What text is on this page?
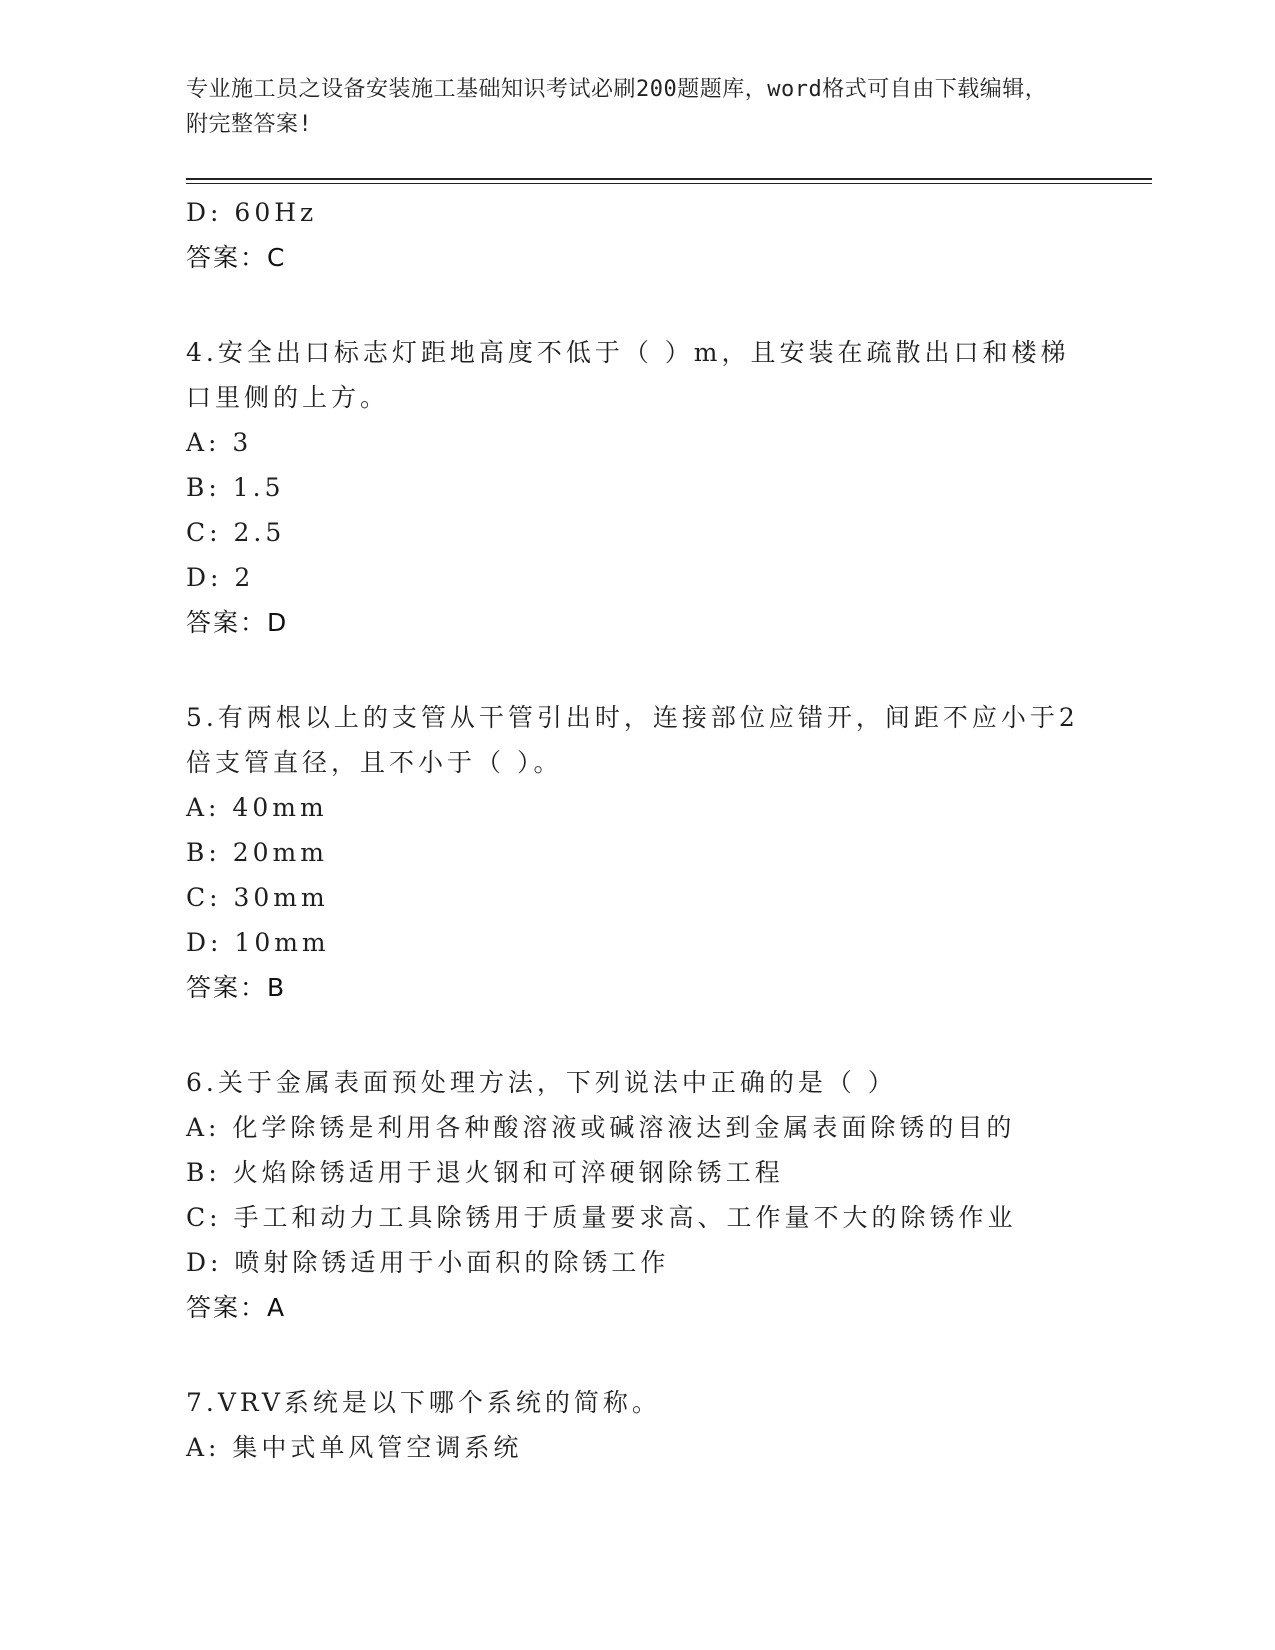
专业施工员之设备安装施工基础知识考试必刷200题题库，word格式可自由下载编辑，附完整答案!
D: 60Hz
答案：C
4.安全出口标志灯距地高度不低于（ ）m，且安装在疏散出口和楼梯口里侧的上方。
A: 3
B: 1.5
C: 2.5
D: 2
答案：D
5.有两根以上的支管从干管引出时，连接部位应错开，间距不应小于2倍支管直径，且不小于（ ）。
A: 40mm
B: 20mm
C: 30mm
D: 10mm
答案：B
6.关于金属表面预处理方法，下列说法中正确的是（ ）
A: 化学除锈是利用各种酸溶液或碱溶液达到金属表面除锈的目的
B: 火焰除锈适用于退火钢和可淬硬钢除锈工程
C: 手工和动力工具除锈用于质量要求高、工作量不大的除锈作业
D: 喷射除锈适用于小面积的除锈工作
答案：A
7.VRV系统是以下哪个系统的简称。
A: 集中式单风管空调系统
